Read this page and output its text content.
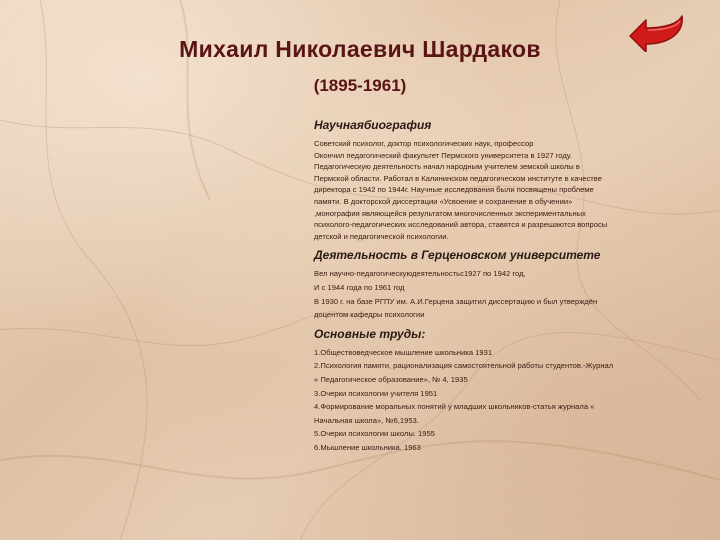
Михаил Николаевич Шардаков
(1895-1961)
Научнаябиография
Советский психолог, доктор психологических наук, профессор
Окончил педагогический факультет Пермского университета в 1927 году.
Педагогическую деятельность начал народным учителем земской школы в
Пермской области. Работал в Калининском педагогическом институте в качестве
директора с 1942 по 1944г. Научные исследования были посвящены проблеме
памяти. В докторской диссертации «Усвоение и сохранение в обучении»
,монография являющейся результатом многочисленных экспериментальных
психолого-педагогических исследований автора, ставятся и разрешаются вопросы
детской и педагогической психологии.
Деятельность в Герценовском университете
Вел научно-педагогическуюдеятельностьс1927 по 1942 год,
И с 1944 года по 1961 год
В 1930 г. на базе РГПУ им. А.И.Герцена защитил диссертацию и был утверждён
доцентом кафедры психологии
Основные труды:
1.Обществоведческое мышление школьника 1931
2.Психология памяти, рационализация самостоятельной работы студентов.-Журнал
« Педагогическое образование», № 4, 1935
3.Очерки психологии учителя 1951
4.Формирование моральных понятий у младших школьников-статья журнала «
Начальная школа», №6,1953.
5.Очерки психологии школы. 1955
6.Мышление школьника. 1963
